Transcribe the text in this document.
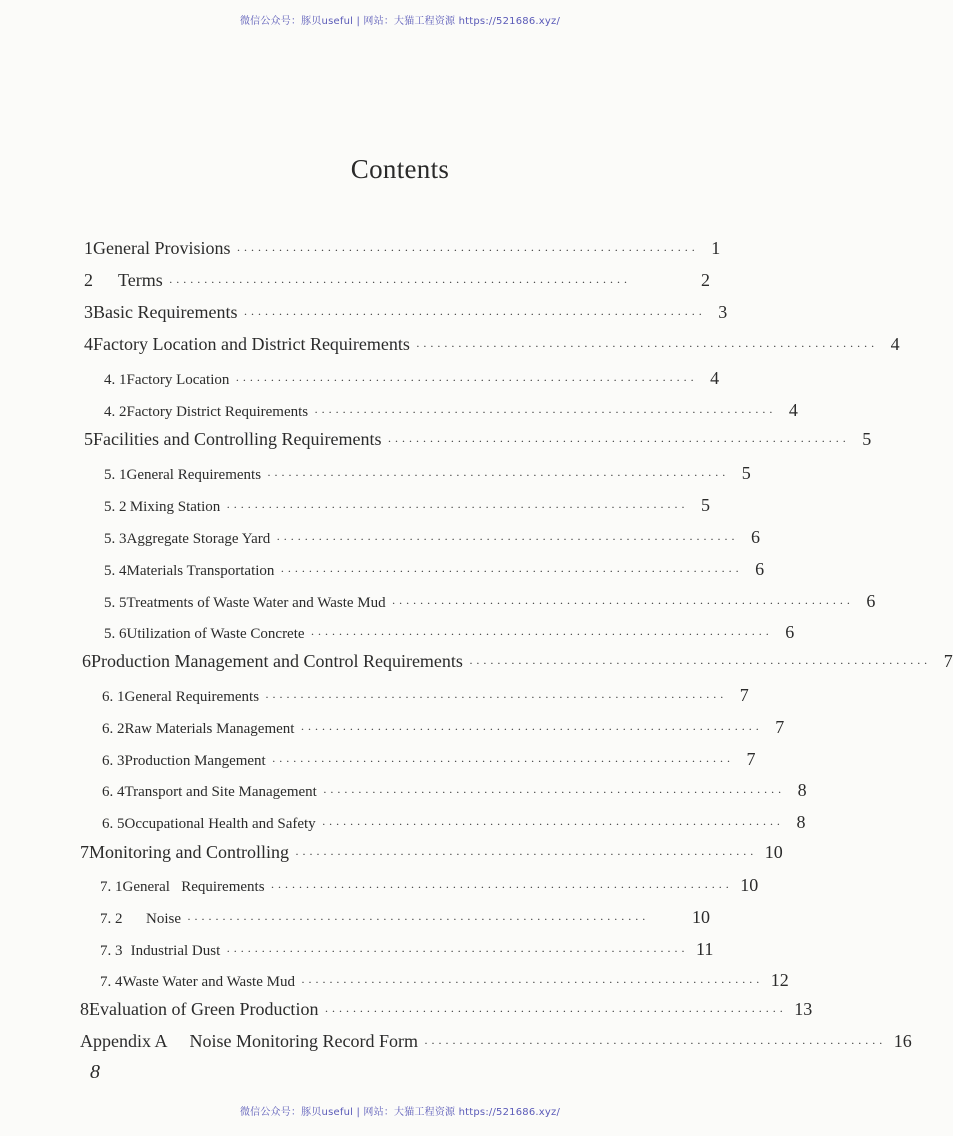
微信公众号：豚贝useful | 网站：大猫工程资源 https://521686.xyz/
Contents
1 General Provisions ·································································· 1
2	Terms ··································································	2
3 Basic Requirements ·································································· 3
4 Factory Location and District Requirements ·································································· 4
4. 1 Factory Location ·································································· 4
4. 2 Factory District Requirements ·································································· 4
5 Facilities and Controlling Requirements ·································································· 5
5. 1 General Requirements ·································································· 5
5. 2 Mixing Station ·································································· 5
5. 3 Aggregate Storage Yard ·································································· 6
5. 4 Materials Transportation ·································································· 6
5. 5 Treatments of Waste Water and Waste Mud ·································································· 6
5. 6 Utilization of Waste Concrete ·································································· 6
6 Production Management and Control Requirements ·································································· 7
6. 1 General Requirements ·································································· 7
6. 2 Raw Materials Management ·································································· 7
6. 3 Production Mangement ·································································· 7
6. 4 Transport and Site Management ·································································· 8
6. 5 Occupational Health and Safety ·································································· 8
7 Monitoring and Controlling ·································································· 10
7. 1 General   Requirements ·································································· 10
7. 2	Noise ··································································	10
7. 3 Industrial Dust ·································································· 11
7. 4 Waste Water and Waste Mud ·································································· 12
8 Evaluation of Green Production ·································································· 13
Appendix A	Noise Monitoring Record Form ·································································· 16
8
微信公众号：豚贝useful | 网站：大猫工程资源 https://521686.xyz/
